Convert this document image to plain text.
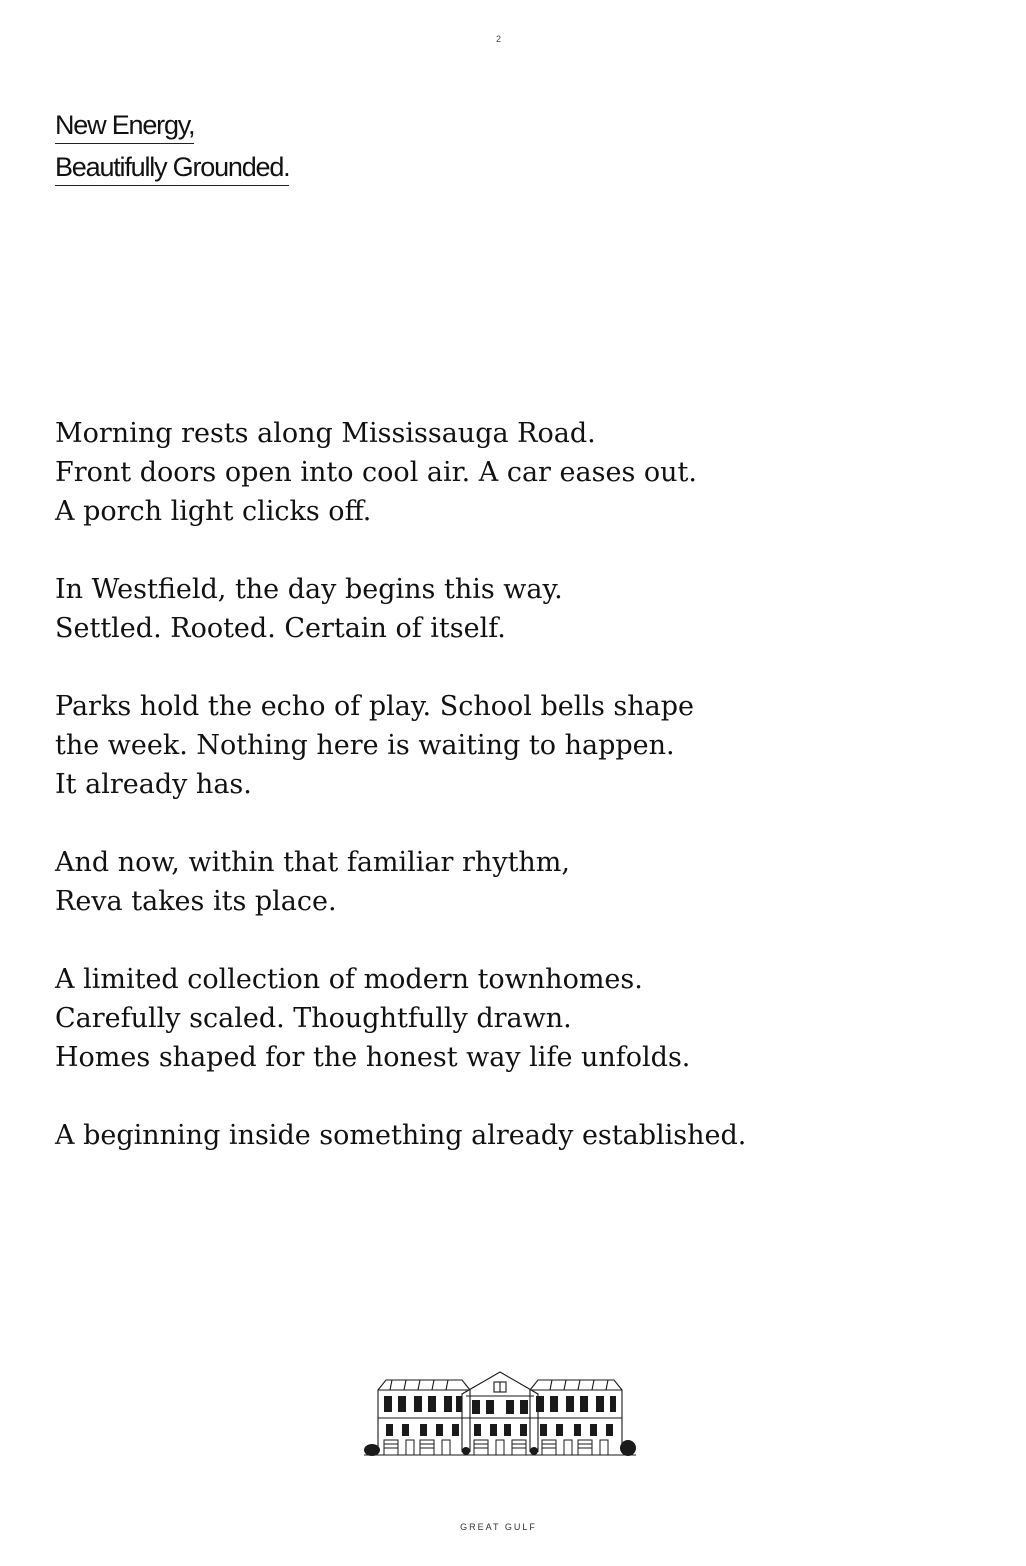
2
New Energy,
Beautifully Grounded.

Morning rests along Mississauga Road.
Front doors open into cool air. A car eases out.
A porch light clicks off.

In Westfield, the day begins this way.
Settled. Rooted. Certain of itself.

Parks hold the echo of play. School bells shape
the week. Nothing here is waiting to happen.
It already has.

And now, within that familiar rhythm,
Reva takes its place.

A limited collection of modern townhomes.
Carefully scaled. Thoughtfully drawn.
Homes shaped for the honest way life unfolds.

A beginning inside something already established.

GREAT GULF
